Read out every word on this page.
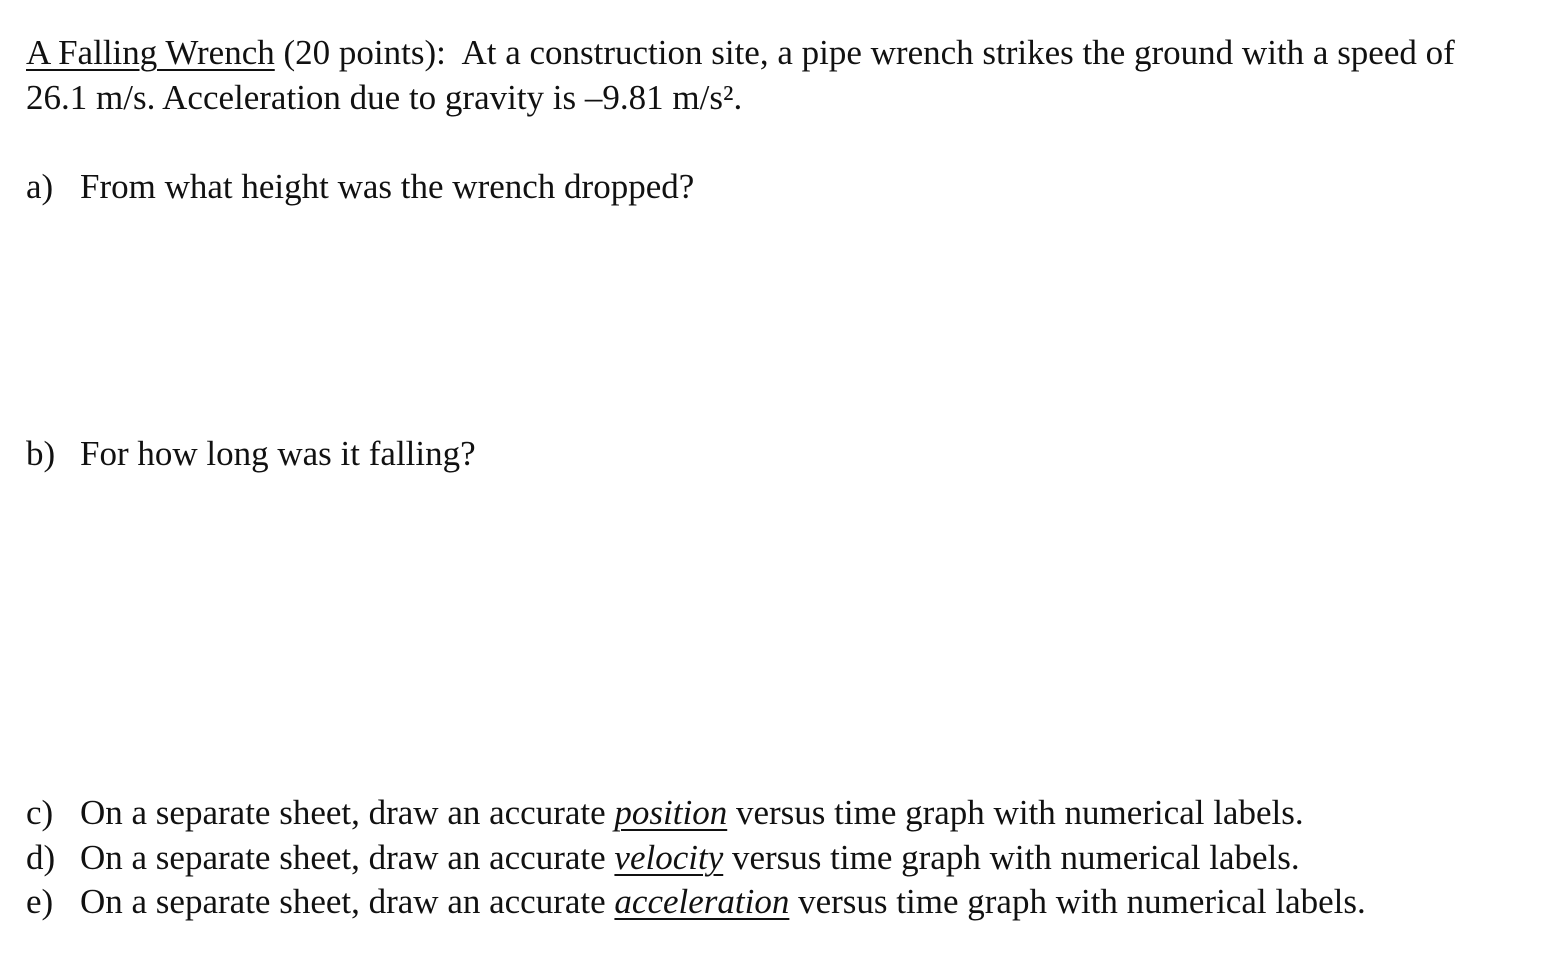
A Falling Wrench (20 points): At a construction site, a pipe wrench strikes the ground with a speed of
26.1 m/s. Acceleration due to gravity is –9.81 m/s².

a) From what height was the wrench dropped?

b) For how long was it falling?

c) On a separate sheet, draw an accurate position versus time graph with numerical labels.

d) On a separate sheet, draw an accurate velocity versus time graph with numerical labels.

e) On a separate sheet, draw an accurate acceleration versus time graph with numerical labels.
